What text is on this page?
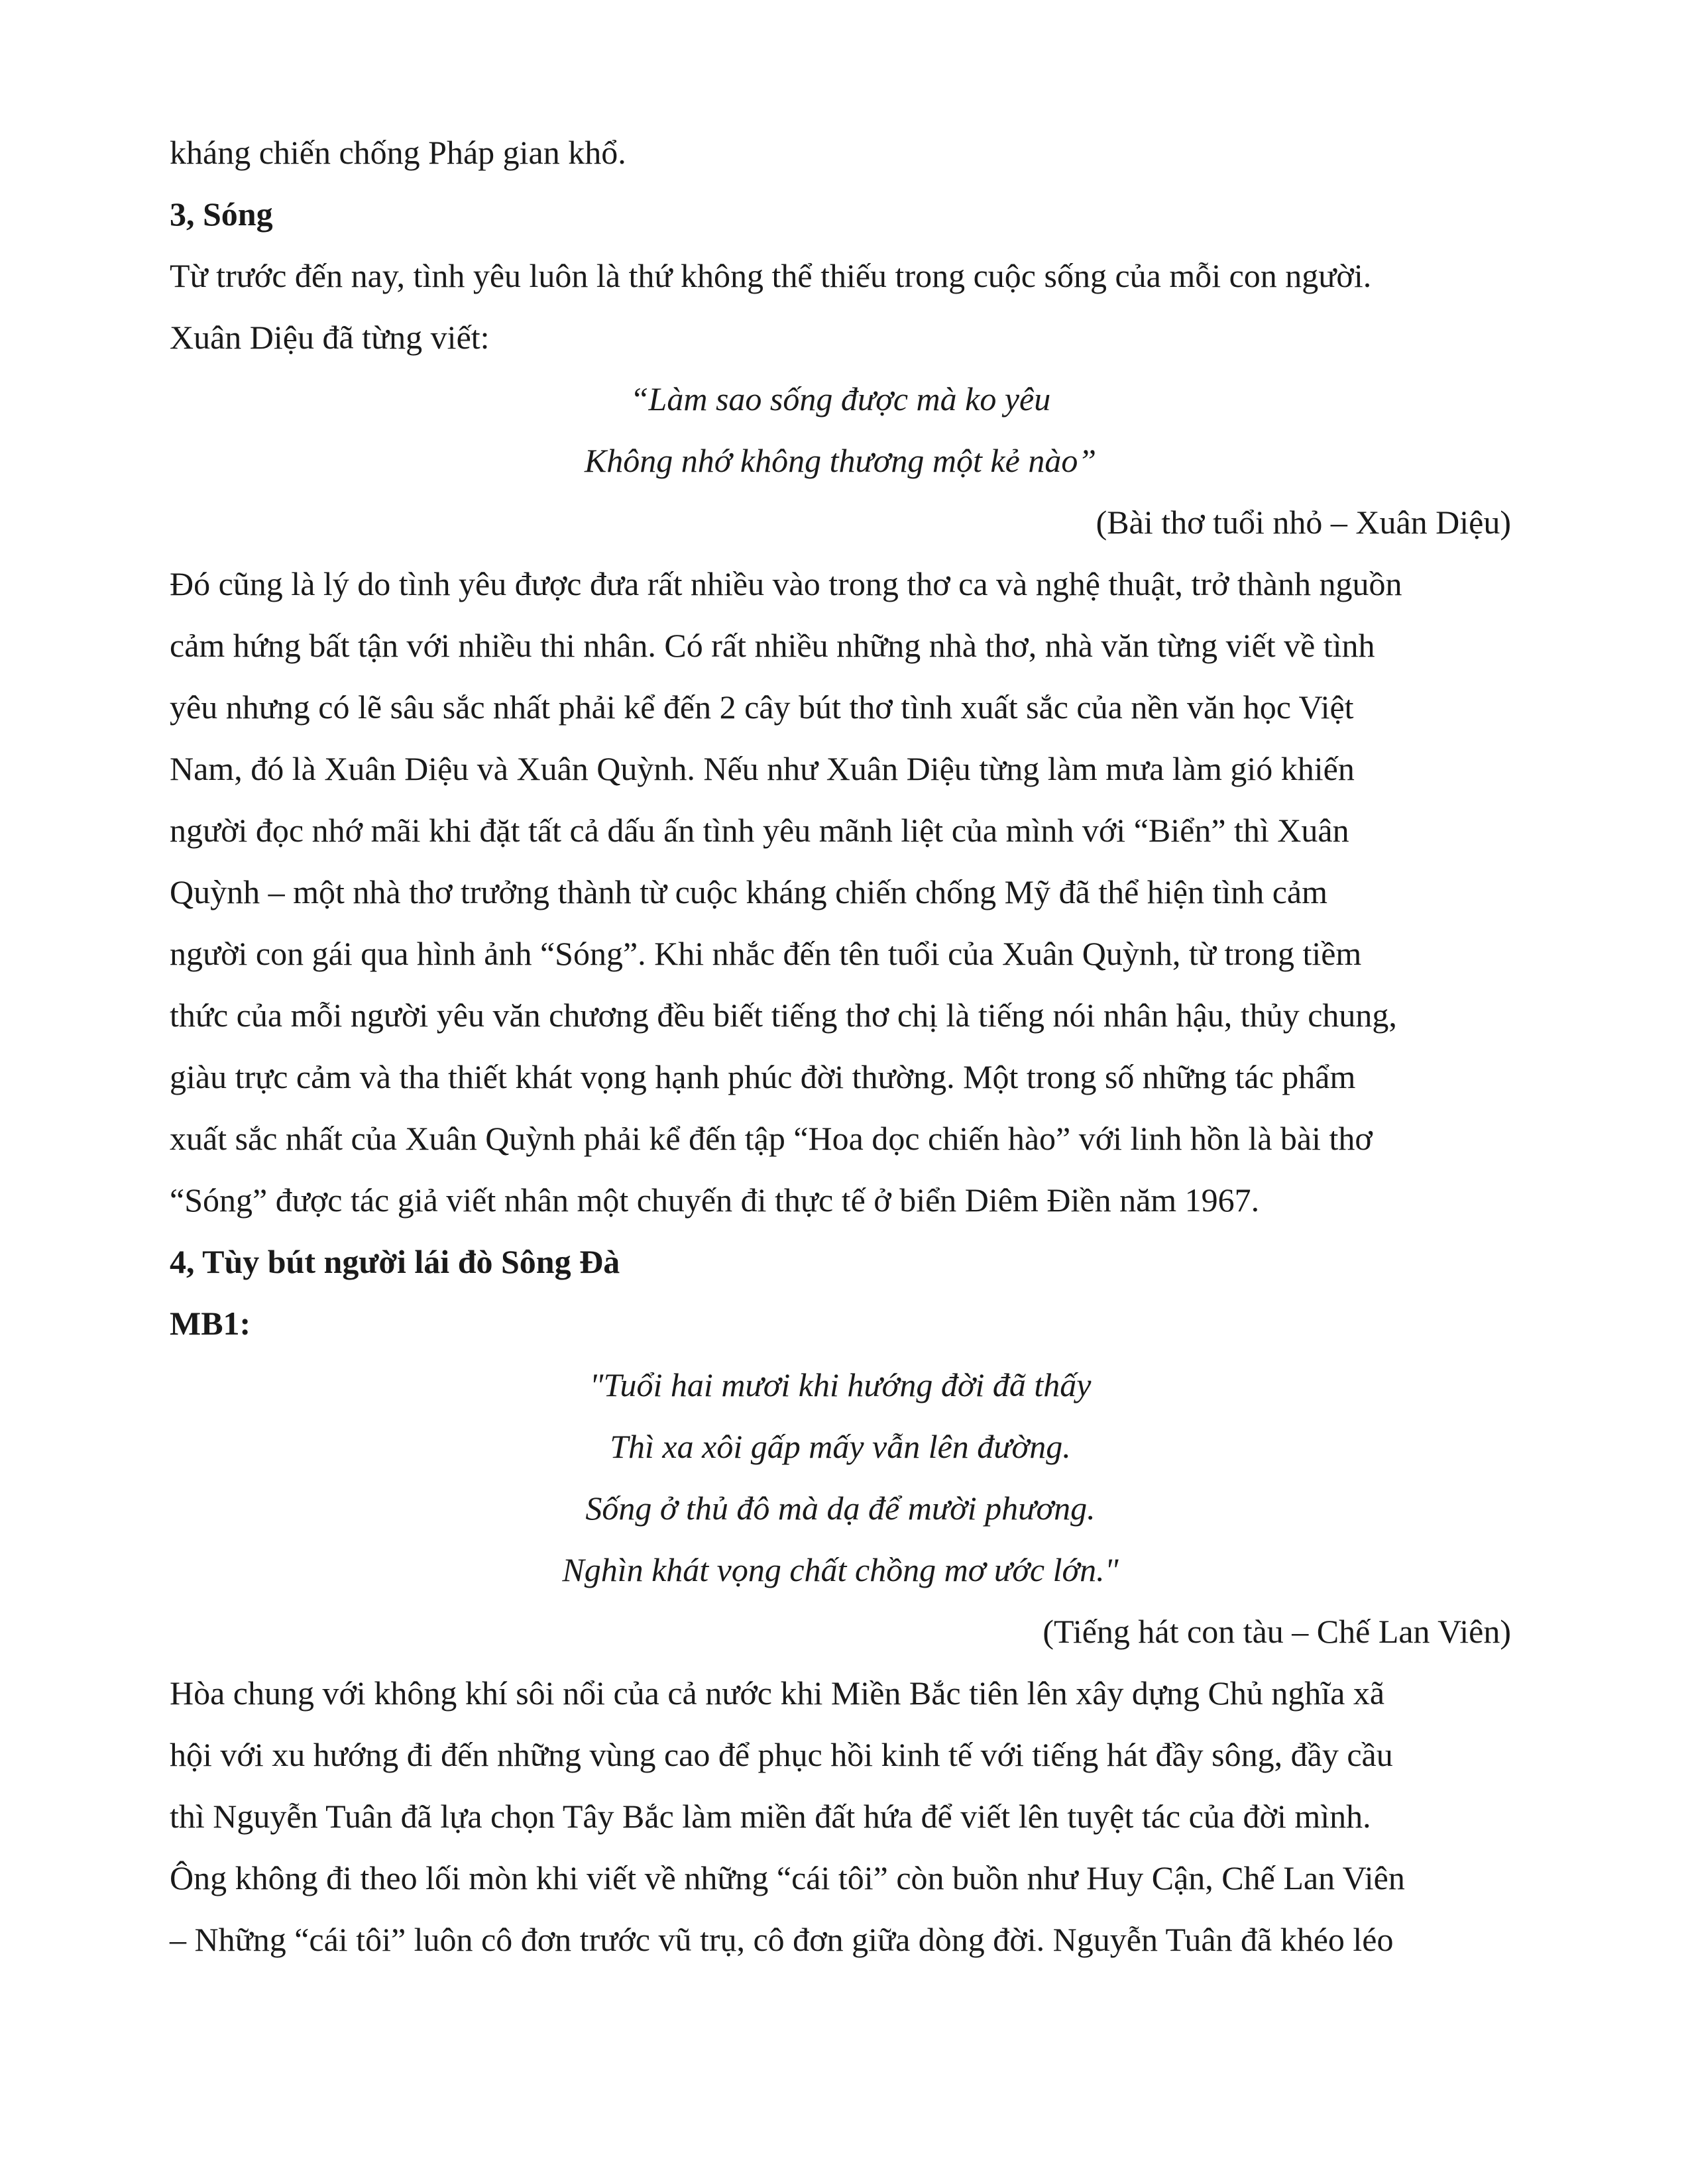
kháng chiến chống Pháp gian khổ.
3, Sóng
Từ trước đến nay, tình yêu luôn là thứ không thể thiếu trong cuộc sống của mỗi con người.
Xuân Diệu đã từng viết:
“Làm sao sống được mà ko yêu
Không nhớ không thương một kẻ nào”
(Bài thơ tuổi nhỏ – Xuân Diệu)
Đó cũng là lý do tình yêu được đưa rất nhiều vào trong thơ ca và nghệ thuật, trở thành nguồn
cảm hứng bất tận với nhiều thi nhân. Có rất nhiều những nhà thơ, nhà văn từng viết về tình
yêu nhưng có lẽ sâu sắc nhất phải kể đến 2 cây bút thơ tình xuất sắc của nền văn học Việt
Nam, đó là Xuân Diệu và Xuân Quỳnh. Nếu như Xuân Diệu từng làm mưa làm gió khiến
người đọc nhớ mãi khi đặt tất cả dấu ấn tình yêu mãnh liệt của mình với “Biển” thì Xuân
Quỳnh – một nhà thơ trưởng thành từ cuộc kháng chiến chống Mỹ đã thể hiện tình cảm
người con gái qua hình ảnh “Sóng”. Khi nhắc đến tên tuổi của Xuân Quỳnh, từ trong tiềm
thức của mỗi người yêu văn chương đều biết tiếng thơ chị là tiếng nói nhân hậu, thủy chung,
giàu trực cảm và tha thiết khát vọng hạnh phúc đời thường. Một trong số những tác phẩm
xuất sắc nhất của Xuân Quỳnh phải kể đến tập “Hoa dọc chiến hào” với linh hồn là bài thơ
“Sóng” được tác giả viết nhân một chuyến đi thực tế ở biển Diêm Điền năm 1967.
4, Tùy bút người lái đò Sông Đà
MB1:
"Tuổi hai mươi khi hướng đời đã thấy
Thì xa xôi gấp mấy vẫn lên đường.
Sống ở thủ đô mà dạ để mười phương.
Nghìn khát vọng chất chồng mơ ước lớn."
(Tiếng hát con tàu – Chế Lan Viên)
Hòa chung với không khí sôi nổi của cả nước khi Miền Bắc tiên lên xây dựng Chủ nghĩa xã
hội với xu hướng đi đến những vùng cao để phục hồi kinh tế với tiếng hát đầy sông, đầy cầu
thì Nguyễn Tuân đã lựa chọn Tây Bắc làm miền đất hứa để viết lên tuyệt tác của đời mình.
Ông không đi theo lối mòn khi viết về những “cái tôi” còn buồn như Huy Cận, Chế Lan Viên
– Những “cái tôi” luôn cô đơn trước vũ trụ, cô đơn giữa dòng đời. Nguyễn Tuân đã khéo léo
